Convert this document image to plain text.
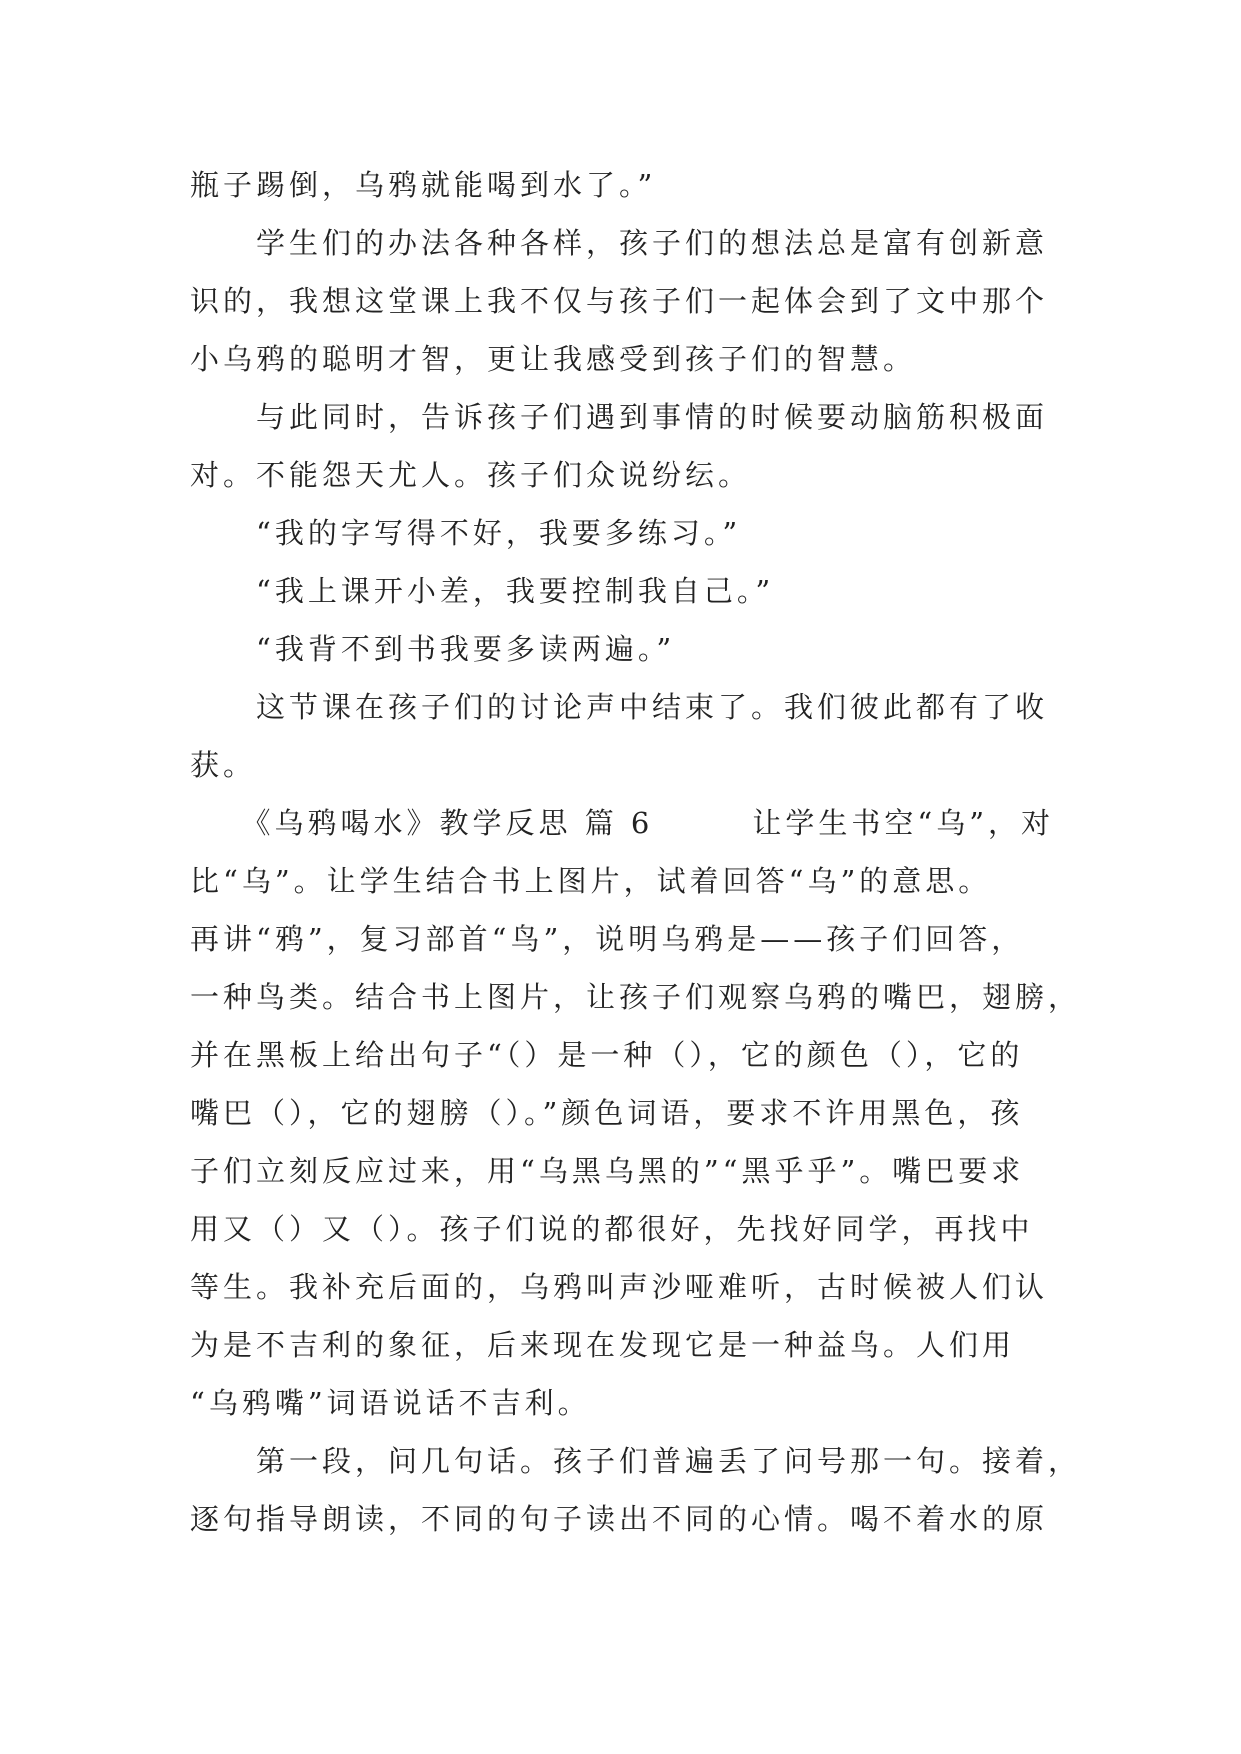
瓶子踢倒，乌鸦就能喝到水了。”
　　学生们的办法各种各样，孩子们的想法总是富有创新意
识的，我想这堂课上我不仅与孩子们一起体会到了文中那个
小乌鸦的聪明才智，更让我感受到孩子们的智慧。
　　与此同时，告诉孩子们遇到事情的时候要动脑筋积极面
对。不能怨天尤人。孩子们众说纷纭。
　　“我的字写得不好，我要多练习。”
　　“我上课开小差，我要控制我自己。”
　　“我背不到书我要多读两遍。”
　　这节课在孩子们的讨论声中结束了。我们彼此都有了收
获。
　　《乌鸦喝水》教学反思 篇 6　　　让学生书空“乌”，对
比“乌”。让学生结合书上图片，试着回答“乌”的意思。
再讲“鸦”，复习部首“鸟”，说明乌鸦是——孩子们回答，
一种鸟类。结合书上图片，让孩子们观察乌鸦的嘴巴，翅膀，
并在黑板上给出句子“（）是一种（），它的颜色（），它的
嘴巴（），它的翅膀（）。”颜色词语，要求不许用黑色，孩
子们立刻反应过来，用“乌黑乌黑的”“黑乎乎”。嘴巴要求
用又（）又（）。孩子们说的都很好，先找好同学，再找中
等生。我补充后面的，乌鸦叫声沙哑难听，古时候被人们认
为是不吉利的象征，后来现在发现它是一种益鸟。人们用
“乌鸦嘴”词语说话不吉利。
　　第一段，问几句话。孩子们普遍丢了问号那一句。接着，
逐句指导朗读，不同的句子读出不同的心情。喝不着水的原
